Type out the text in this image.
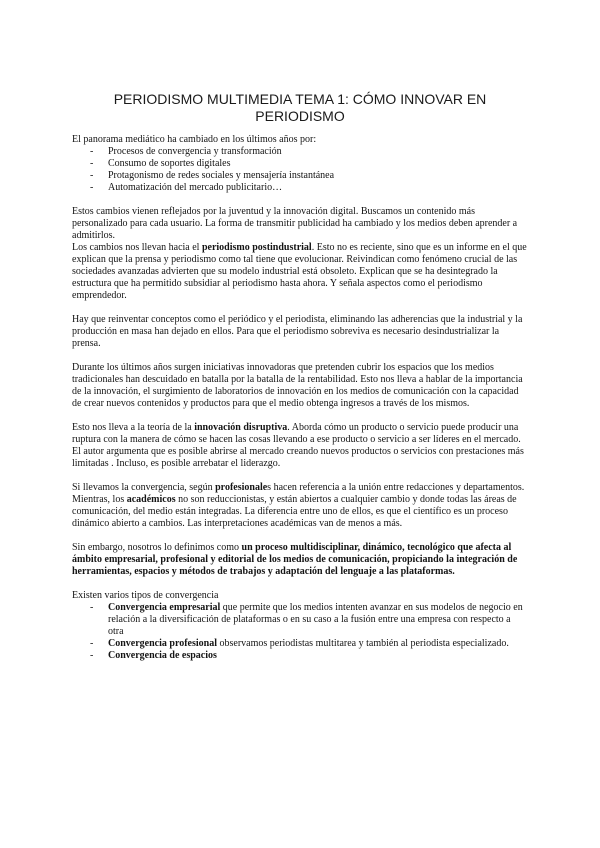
PERIODISMO MULTIMEDIA TEMA 1: CÓMO INNOVAR EN
PERIODISMO

El panorama mediático ha cambiado en los últimos años por:

- Procesos de convergencia y transformación
- Consumo de soportes digitales
- Protagonismo de redes sociales y mensajería instantánea
- Automatización del mercado publicitario…

Estos cambios vienen reflejados por la juventud y la innovación digital. Buscamos un contenido más personalizado para cada usuario. La forma de transmitir publicidad ha cambiado y los medios deben aprender a admitirlos.

Los cambios nos llevan hacia el periodismo postindustrial. Esto no es reciente, sino que es un informe en el que explican que la prensa y periodismo como tal tiene que evolucionar. Reivindican como fenómeno crucial de las sociedades avanzadas advierten que su modelo industrial está obsoleto. Explican que se ha desintegrado la estructura que ha permitido subsidiar al periodismo hasta ahora. Y señala aspectos como el periodismo emprendedor.

Hay que reinventar conceptos como el periódico y el periodista, eliminando las adherencias que la industrial y la producción en masa han dejado en ellos. Para que el periodismo sobreviva es necesario desindustrializar la prensa.

Durante los últimos años surgen iniciativas innovadoras que pretenden cubrir los espacios que los medios tradicionales han descuidado en batalla por la batalla de la rentabilidad. Esto nos lleva a hablar de la importancia de la innovación, el surgimiento de laboratorios de innovación en los medios de comunicación con la capacidad de crear nuevos contenidos y productos para que el medio obtenga ingresos a través de los mismos.

Esto nos lleva a la teoría de la innovación disruptiva. Aborda cómo un producto o servicio puede producir una ruptura con la manera de cómo se hacen las cosas llevando a ese producto o servicio a ser líderes en el mercado. El autor argumenta que es posible abrirse al mercado creando nuevos productos o servicios con prestaciones más limitadas . Incluso, es posible arrebatar el liderazgo.

Si llevamos la convergencia, según profesionales hacen referencia a la unión entre redacciones y departamentos. Mientras, los académicos no son reduccionistas, y están abiertos a cualquier cambio y donde todas las áreas de comunicación, del medio están integradas. La diferencia entre uno de ellos, es que el científico es un proceso dinámico abierto a cambios. Las interpretaciones académicas van de menos a más.

Sin embargo, nosotros lo definimos como un proceso multidisciplinar, dinámico, tecnológico que afecta al ámbito empresarial, profesional y editorial de los medios de comunicación, propiciando la integración de herramientas, espacios y métodos de trabajos y adaptación del lenguaje a las plataformas.

Existen varios tipos de convergencia

- Convergencia empresarial que permite que los medios intenten avanzar en sus modelos de negocio en relación a la diversificación de plataformas o en su caso a la fusión entre una empresa con respecto a otra
- Convergencia profesional observamos periodistas multitarea y también al periodista especializado.
- Convergencia de espacios
